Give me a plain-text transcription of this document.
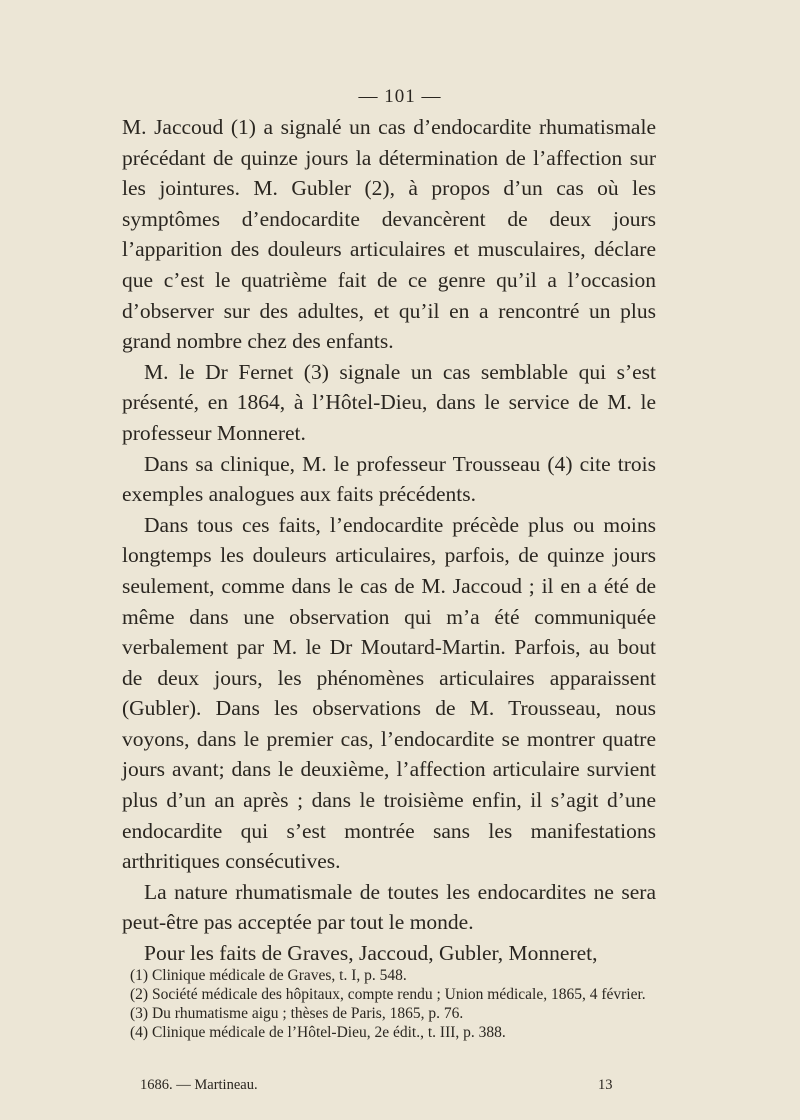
— 101 —

M. Jaccoud (1) a signalé un cas d’endocardite rhumatismale précédant de quinze jours la détermination de l’affection sur les jointures. M. Gubler (2), à propos d’un cas où les symptômes d’endocardite devancèrent de deux jours l’apparition des douleurs articulaires et musculaires, déclare que c’est le quatrième fait de ce genre qu’il a l’occasion d’observer sur des adultes, et qu’il en a rencontré un plus grand nombre chez des enfants.

M. le Dr Fernet (3) signale un cas semblable qui s’est présenté, en 1864, à l’Hôtel-Dieu, dans le service de M. le professeur Monneret.

Dans sa clinique, M. le professeur Trousseau (4) cite trois exemples analogues aux faits précédents.

Dans tous ces faits, l’endocardite précède plus ou moins longtemps les douleurs articulaires, parfois, de quinze jours seulement, comme dans le cas de M. Jaccoud ; il en a été de même dans une observation qui m’a été communiquée verbalement par M. le Dr Moutard-Martin. Parfois, au bout de deux jours, les phénomènes articulaires apparaissent (Gubler). Dans les observations de M. Trousseau, nous voyons, dans le premier cas, l’endocardite se montrer quatre jours avant; dans le deuxième, l’affection articulaire survient plus d’un an après ; dans le troisième enfin, il s’agit d’une endocardite qui s’est montrée sans les manifestations arthritiques consécutives.

La nature rhumatismale de toutes les endocardites ne sera peut-être pas acceptée par tout le monde.

Pour les faits de Graves, Jaccoud, Gubler, Monneret,

(1) Clinique médicale de Graves, t. I, p. 548.
(2) Société médicale des hôpitaux, compte rendu ; Union médicale, 1865, 4 février.
(3) Du rhumatisme aigu ; thèses de Paris, 1865, p. 76.
(4) Clinique médicale de l’Hôtel-Dieu, 2e édit., t. III, p. 388.
1686. — Martineau.	13
